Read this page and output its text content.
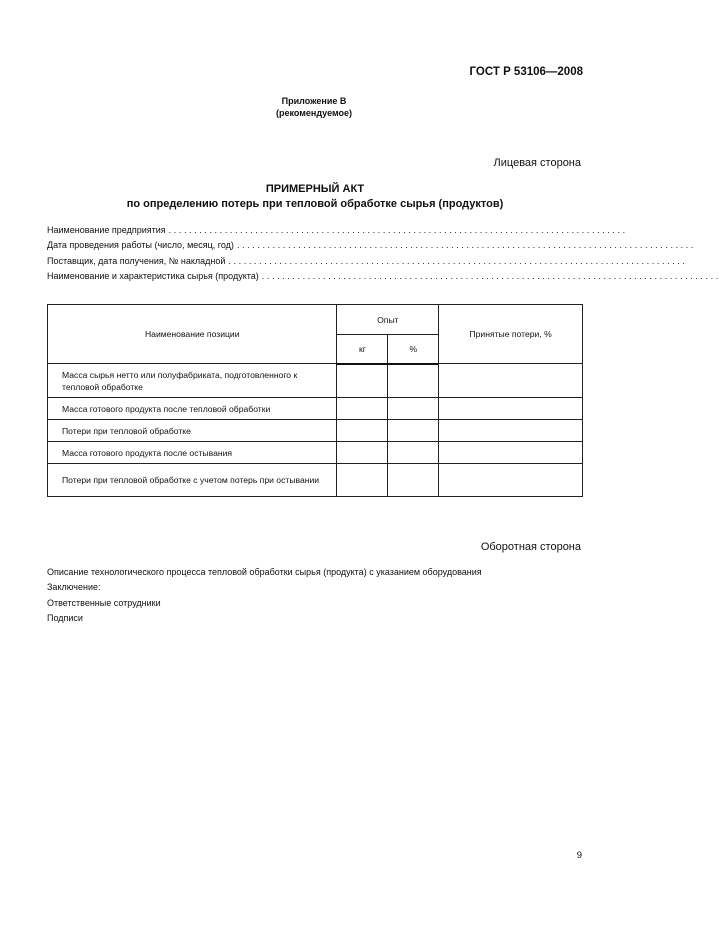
ГОСТ Р 53106—2008
Приложение В
(рекомендуемое)
Лицевая сторона
ПРИМЕРНЫЙ АКТ
по определению потерь при тепловой обработке сырья (продуктов)
Наименование предприятия ..........................................................................................
Дата проведения работы (число, месяц, год) ..........................................................................................
Поставщик, дата получения, № накладной ..........................................................................................
Наименование и характеристика сырья (продукта) ..........................................................................................
Наименование позиции	Опыт		Принятые потери, %
	кг	%	
Масса сырья нетто или полуфабриката, подготовленного к тепловой обработке			
Масса готового продукта после тепловой обработки			
Потери при тепловой обработке			
Масса готового продукта после остывания			
Потери при тепловой обработке с учетом потерь при остывании			
Оборотная сторона
Описание технологического процесса тепловой обработки сырья (продукта) с указанием оборудования
Заключение:
Ответственные сотрудники
Подписи
9
